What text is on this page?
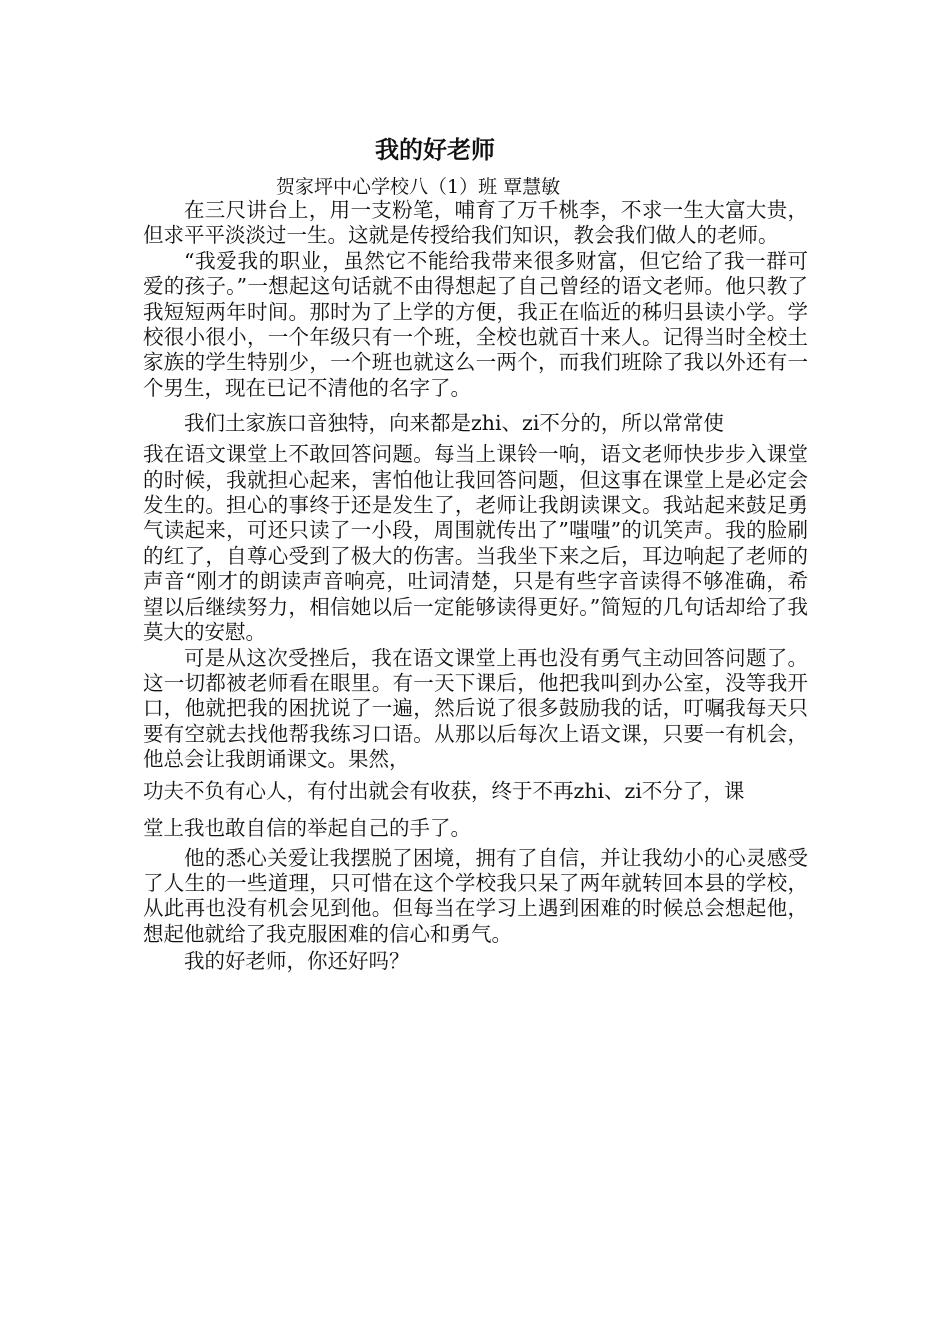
我的好老师
贺家坪中心学校八（1）班 覃慧敏

在三尺讲台上，用一支粉笔，哺育了万千桃李，不求一生大富大贵，但求平平淡淡过一生。这就是传授给我们知识，教会我们做人的老师。

“我爱我的职业，虽然它不能给我带来很多财富，但它给了我一群可爱的孩子。”一想起这句话就不由得想起了自己曾经的语文老师。他只教了我短短两年时间。那时为了上学的方便，我正在临近的秭归县读小学。学校很小很小，一个年级只有一个班，全校也就百十来人。记得当时全校土家族的学生特别少，一个班也就这么一两个，而我们班除了我以外还有一个男生，现在已记不清他的名字了。

我们土家族口音独特，向来都是zhi、zi不分的，所以常常使

我在语文课堂上不敢回答问题。每当上课铃一响，语文老师快步步入课堂的时候，我就担心起来，害怕他让我回答问题，但这事在课堂上是必定会发生的。担心的事终于还是发生了，老师让我朗读课文。我站起来鼓足勇气读起来，可还只读了一小段，周围就传出了”嗤嗤”的讥笑声。我的脸刷的红了，自尊心受到了极大的伤害。当我坐下来之后，耳边响起了老师的声音“刚才的朗读声音响亮，吐词清楚，只是有些字音读得不够准确，希望以后继续努力，相信她以后一定能够读得更好。”简短的几句话却给了我莫大的安慰。

可是从这次受挫后，我在语文课堂上再也没有勇气主动回答问题了。这一切都被老师看在眼里。有一天下课后，他把我叫到办公室，没等我开口，他就把我的困扰说了一遍，然后说了很多鼓励我的话，叮嘱我每天只要有空就去找他帮我练习口语。从那以后每次上语文课，只要一有机会，他总会让我朗诵课文。果然，

功夫不负有心人，有付出就会有收获，终于不再zhi、zi不分了，课

堂上我也敢自信的举起自己的手了。

他的悉心关爱让我摆脱了困境，拥有了自信，并让我幼小的心灵感受了人生的一些道理，只可惜在这个学校我只呆了两年就转回本县的学校，从此再也没有机会见到他。但每当在学习上遇到困难的时候总会想起他，想起他就给了我克服困难的信心和勇气。

我的好老师，你还好吗？
